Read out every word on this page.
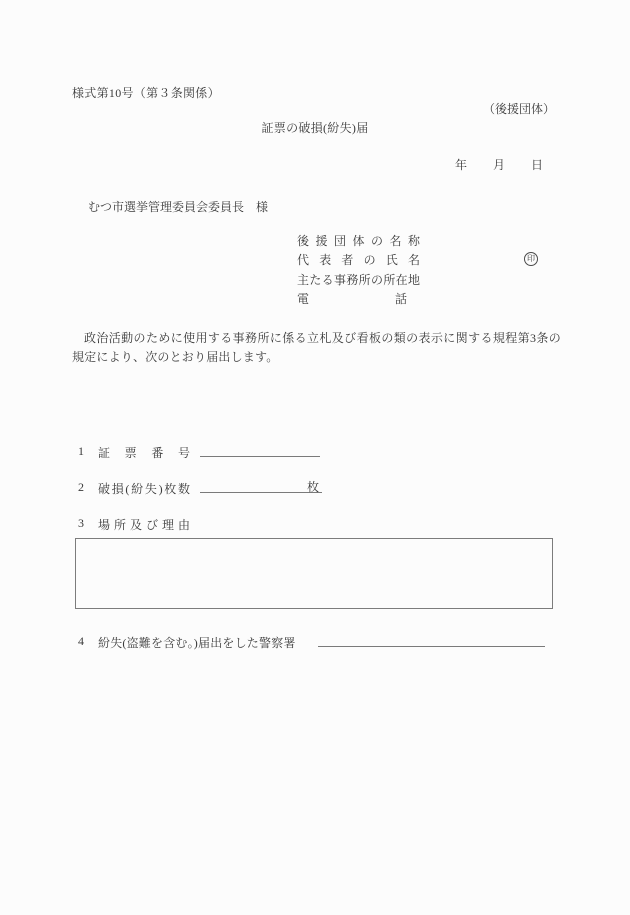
様式第10号（第３条関係）
（後援団体）
証票の破損(紛失)届
年 月 日
むつ市選挙管理委員会委員長　様
後援団体の名称
代表者の氏名
主たる事務所の所在地
電話
印
政治活動のために使用する事務所に係る立札及び看板の類の表示に関する規程第3条の規定により、次のとおり届出します。
1 証票番号
2 破損(紛失)枚数	枚
3 場所及び理由
4 紛失(盗難を含む。)届出をした警察署
